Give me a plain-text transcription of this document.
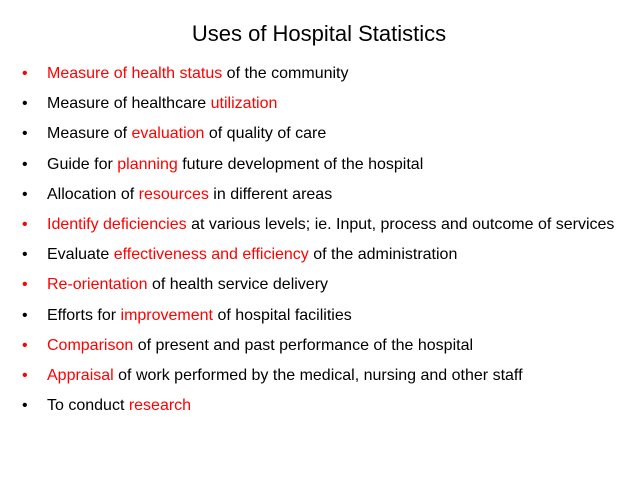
Uses of Hospital Statistics
•	Measure of health status of the community
•	Measure of healthcare utilization
•	Measure of evaluation of quality of care
•	Guide for planning future development of the hospital
•	Allocation of resources in different areas
•	Identify deficiencies at various levels; ie. Input, process and outcome of services
•	Evaluate effectiveness and efficiency of the administration
•	Re-orientation of health service delivery
•	Efforts for improvement of hospital facilities
•	Comparison of present and past performance of the hospital
•	Appraisal of work performed by the medical, nursing and other staff
•	To conduct research
